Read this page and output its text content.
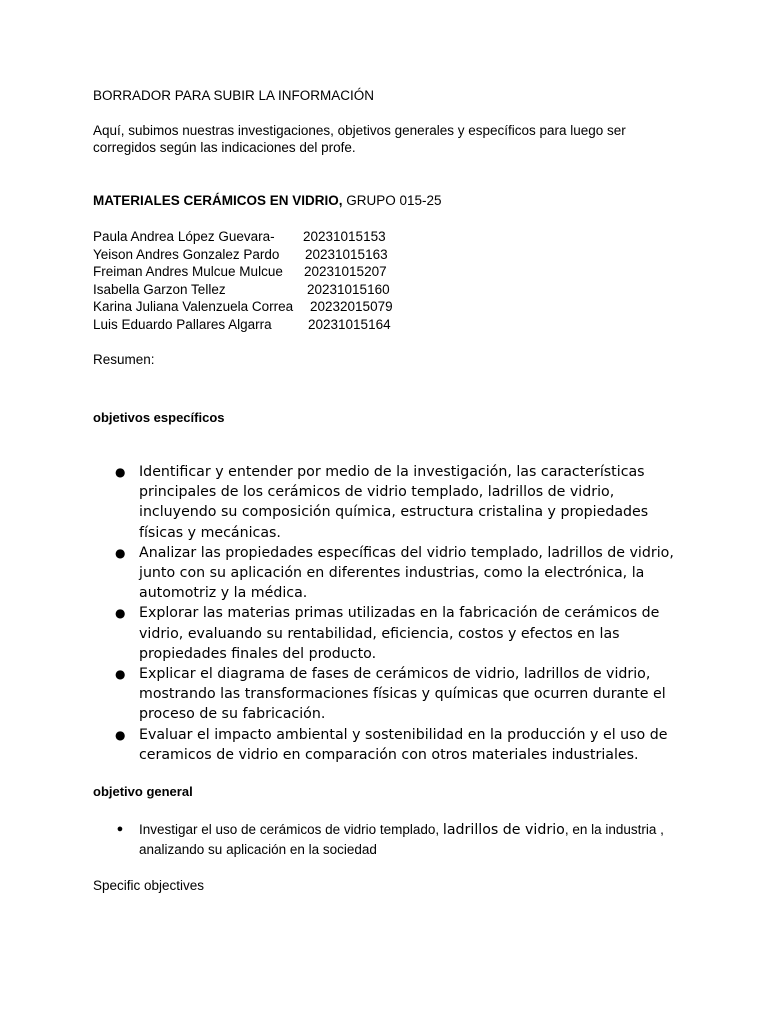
BORRADOR PARA SUBIR LA INFORMACIÓN
Aquí, subimos nuestras investigaciones, objetivos generales y específicos para luego ser
corregidos según las indicaciones del profe.
MATERIALES CERÁMICOS EN VIDRIO, GRUPO 015-25
Paula Andrea López Guevara- 20231015153
Yeison Andres Gonzalez Pardo 20231015163
Freiman Andres Mulcue Mulcue 20231015207
Isabella Garzon Tellez	20231015160
Karina Juliana Valenzuela Correa 20232015079
Luis Eduardo Pallares Algarra	20231015164
Resumen:
objetivos específicos
● Identificar y entender por medio de la investigación, las características principales de los cerámicos de vidrio templado, ladrillos de vidrio, incluyendo su composición química, estructura cristalina y propiedades físicas y mecánicas.
● Analizar las propiedades específicas del vidrio templado, ladrillos de vidrio, junto con su aplicación en diferentes industrias, como la electrónica, la automotriz y la médica.
● Explorar las materias primas utilizadas en la fabricación de cerámicos de vidrio, evaluando su rentabilidad, eficiencia, costos y efectos en las propiedades finales del producto.
● Explicar el diagrama de fases de cerámicos de vidrio, ladrillos de vidrio, mostrando las transformaciones físicas y químicas que ocurren durante el proceso de su fabricación.
● Evaluar el impacto ambiental y sostenibilidad en la producción y el uso de ceramicos de vidrio en comparación con otros materiales industriales.
objetivo general
● Investigar el uso de cerámicos de vidrio templado, ladrillos de vidrio, en la industria , analizando su aplicación en la sociedad
Specific objectives
